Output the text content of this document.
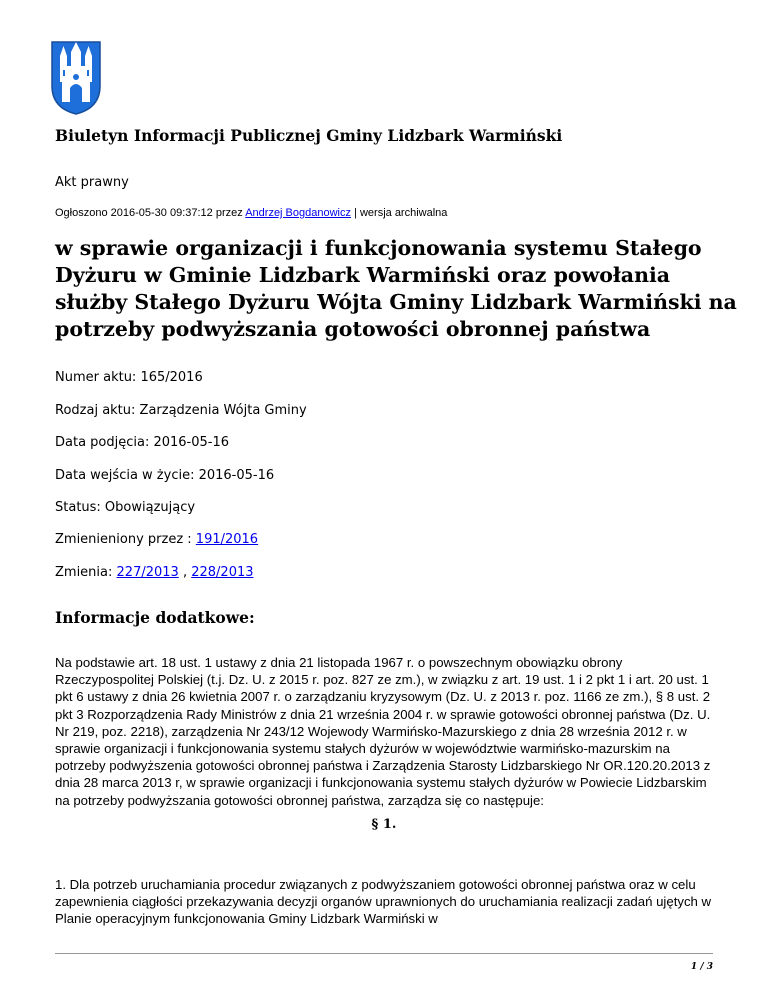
Biuletyn Informacji Publicznej Gminy Lidzbark Warmiński

Akt prawny

Ogłoszono 2016-05-30 09:37:12 przez Andrzej Bogdanowicz | wersja archiwalna
w sprawie organizacji i funkcjonowania systemu Stałego Dyżuru w Gminie Lidzbark Warmiński oraz powołania służby Stałego Dyżuru Wójta Gminy Lidzbark Warmiński na potrzeby podwyższania gotowości obronnej państwa

Numer aktu: 165/2016

Rodzaj aktu: Zarządzenia Wójta Gminy

Data podjęcia: 2016-05-16

Data wejścia w życie: 2016-05-16

Status: Obowiązujący

Zmienieniony przez : 191/2016

Zmienia: 227/2013 , 228/2013

Informacje dodatkowe:

Na podstawie art. 18 ust. 1 ustawy z dnia 21 listopada 1967 r. o powszechnym obowiązku obrony Rzeczypospolitej Polskiej (t.j. Dz. U. z 2015 r. poz. 827 ze zm.), w związku z art. 19 ust. 1 i 2 pkt 1 i art. 20 ust. 1 pkt 6 ustawy z dnia 26 kwietnia 2007 r. o zarządzaniu kryzysowym (Dz. U. z 2013 r. poz. 1166 ze zm.), § 8 ust. 2 pkt 3 Rozporządzenia Rady Ministrów z dnia 21 września 2004 r. w sprawie gotowości obronnej państwa (Dz. U. Nr 219, poz. 2218), zarządzenia Nr 243/12 Wojewody Warmińsko-Mazurskiego z dnia 28 września 2012 r. w sprawie organizacji i funkcjonowania systemu stałych dyżurów w województwie warmińsko-mazurskim na potrzeby podwyższenia gotowości obronnej państwa i Zarządzenia Starosty Lidzbarskiego Nr OR.120.20.2013 z dnia 28 marca 2013 r, w sprawie organizacji i funkcjonowania systemu stałych dyżurów w Powiecie Lidzbarskim na potrzeby podwyższania gotowości obronnej państwa, zarządza się co następuje:

§ 1.

1. Dla potrzeb uruchamiania procedur związanych z podwyższaniem gotowości obronnej państwa oraz w celu zapewnienia ciągłości przekazywania decyzji organów uprawnionych do uruchamiania realizacji zadań ujętych w Planie operacyjnym funkcjonowania Gminy Lidzbark Warmiński w

1 / 3
